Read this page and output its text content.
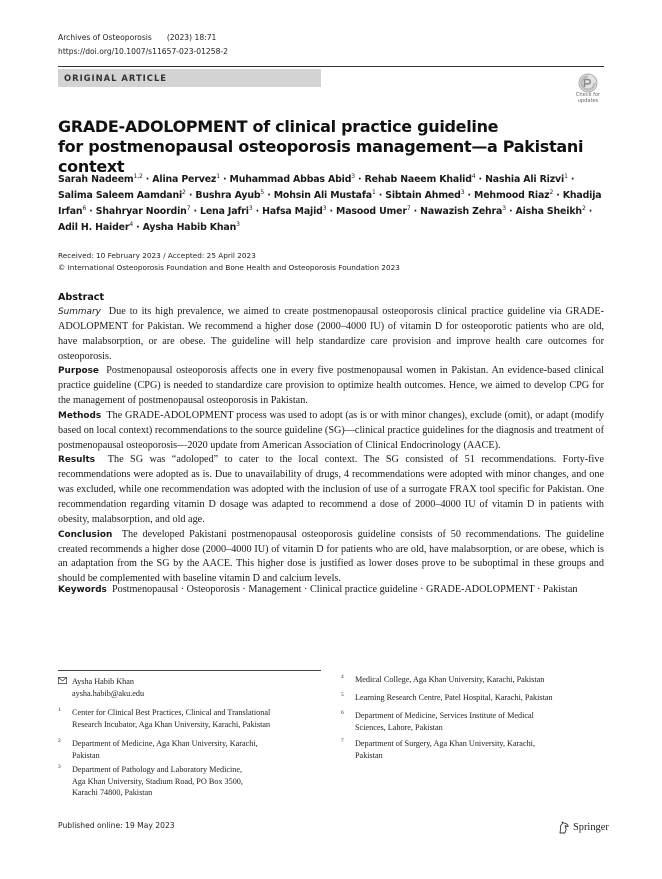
Archives of Osteoporosis (2023) 18:71
https://doi.org/10.1007/s11657-023-01258-2
ORIGINAL ARTICLE
Check for
updates
GRADE-ADOLOPMENT of clinical practice guideline
for postmenopausal osteoporosis management—a Pakistani context
Sarah Nadeem$^{1,2}$ · Alina Pervez$^1$ · Muhammad Abbas Abid$^3$ · Rehab Naeem Khalid$^4$ · Nashia Ali Rizvi$^1$ · Salima Saleem Aamdani$^2$ · Bushra Ayub$^5$ · Mohsin Ali Mustafa$^1$ · Sibtain Ahmed$^3$ · Mehmood Riaz$^2$ · Khadija Irfan$^6$ · Shahryar Noordin$^7$ · Lena Jafri$^3$ · Hafsa Majid$^3$ · Masood Umer$^7$ · Nawazish Zehra$^3$ · Aisha Sheikh$^2$ · Adil H. Haider$^4$ · Aysha Habib Khan$^3$
Received: 10 February 2023 / Accepted: 25 April 2023
© International Osteoporosis Foundation and Bone Health and Osteoporosis Foundation 2023
Abstract

Summary Due to its high prevalence, we aimed to create postmenopausal osteoporosis clinical practice guideline via GRADE-ADOLOPMENT for Pakistan. We recommend a higher dose (2000–4000 IU) of vitamin D for osteoporotic patients who are old, have malabsorption, or are obese. The guideline will help standardize care provision and improve health care outcomes for osteoporosis.

Purpose Postmenopausal osteoporosis affects one in every five postmenopausal women in Pakistan. An evidence-based clinical practice guideline (CPG) is needed to standardize care provision to optimize health outcomes. Hence, we aimed to develop CPG for the management of postmenopausal osteoporosis in Pakistan.

Methods The GRADE-ADOLOPMENT process was used to adopt (as is or with minor changes), exclude (omit), or adapt (modify based on local context) recommendations to the source guideline (SG)—clinical practice guidelines for the diagnosis and treatment of postmenopausal osteoporosis—2020 update from American Association of Clinical Endocrinology (AACE).

Results The SG was “adoloped” to cater to the local context. The SG consisted of 51 recommendations. Forty-five recommendations were adopted as is. Due to unavailability of drugs, 4 recommendations were adopted with minor changes, and one was excluded, while one recommendation was adopted with the inclusion of use of a surrogate FRAX tool specific for Pakistan. One recommendation regarding vitamin D dosage was adapted to recommend a dose of 2000–4000 IU of vitamin D in patients with obesity, malabsorption, and old age.

Conclusion The developed Pakistani postmenopausal osteoporosis guideline consists of 50 recommendations. The guideline created recommends a higher dose (2000–4000 IU) of vitamin D for patients who are old, have malabsorption, or are obese, which is an adaptation from the SG by the AACE. This higher dose is justified as lower doses prove to be suboptimal in these groups and should be complemented with baseline vitamin D and calcium levels.

Keywords Postmenopausal · Osteoporosis · Management · Clinical practice guideline · GRADE-ADOLOPMENT · Pakistan
Aysha Habib Khan
aysha.habib@aku.edu
1 Center for Clinical Best Practices, Clinical and Translational
Research Incubator, Aga Khan University, Karachi, Pakistan
2 Department of Medicine, Aga Khan University, Karachi,
Pakistan
3 Department of Pathology and Laboratory Medicine,
Aga Khan University, Stadium Road, PO Box 3500,
Karachi 74800, Pakistan
4 Medical College, Aga Khan University, Karachi, Pakistan
5 Learning Research Centre, Patel Hospital, Karachi, Pakistan
6 Department of Medicine, Services Institute of Medical
Sciences, Lahore, Pakistan
7 Department of Surgery, Aga Khan University, Karachi,
Pakistan
Published online: 19 May 2023	Springer
